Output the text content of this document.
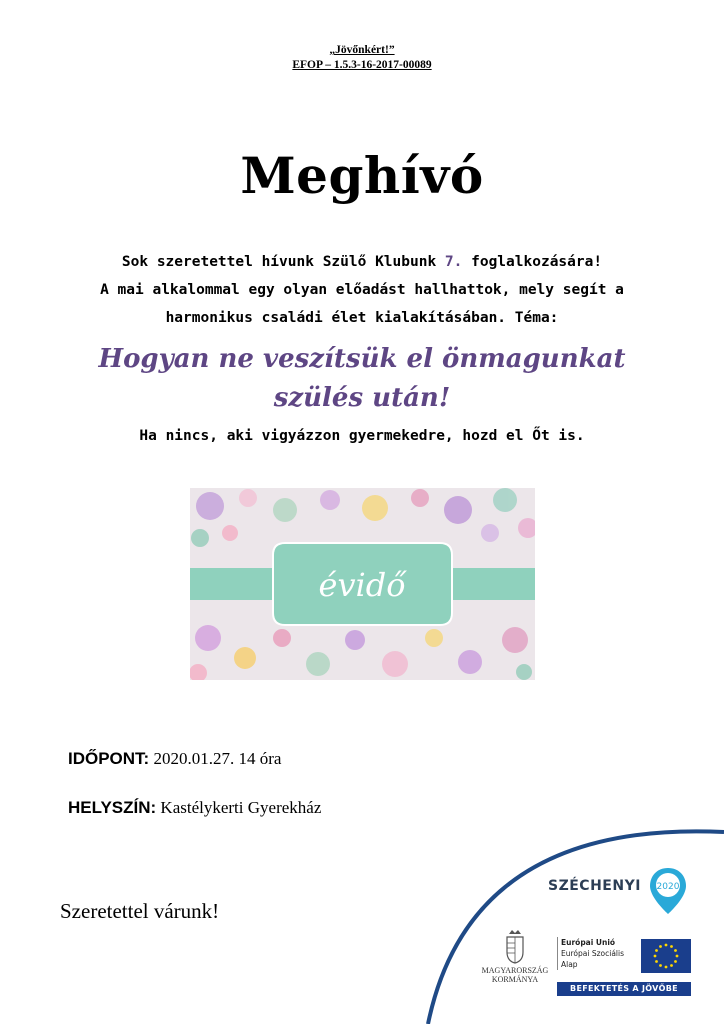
„Jövőnkért!”
EFOP – 1.5.3-16-2017-00089
Meghívó
Sok szeretettel hívunk Szülő Klubunk 7. foglalkozására!
A mai alkalommal egy olyan előadást hallhattok, mely segít a
harmonikus családi élet kialakításában. Téma:
Hogyan ne veszítsük el önmagunkat
szülés után!
Ha nincs, aki vigyázzon gyermekedre, hozd el Őt is.
évidő
IDŐPONT: 2020.01.27. 14 óra
HELYSZÍN: Kastélykerti Gyerekház
Szeretettel várunk!
SZÉCHENYI 2020
MAGYARORSZÁG
KORMÁNYA
Európai Unió
Európai Szociális
Alap
BEFEKTETÉS A JÖVŐBE
